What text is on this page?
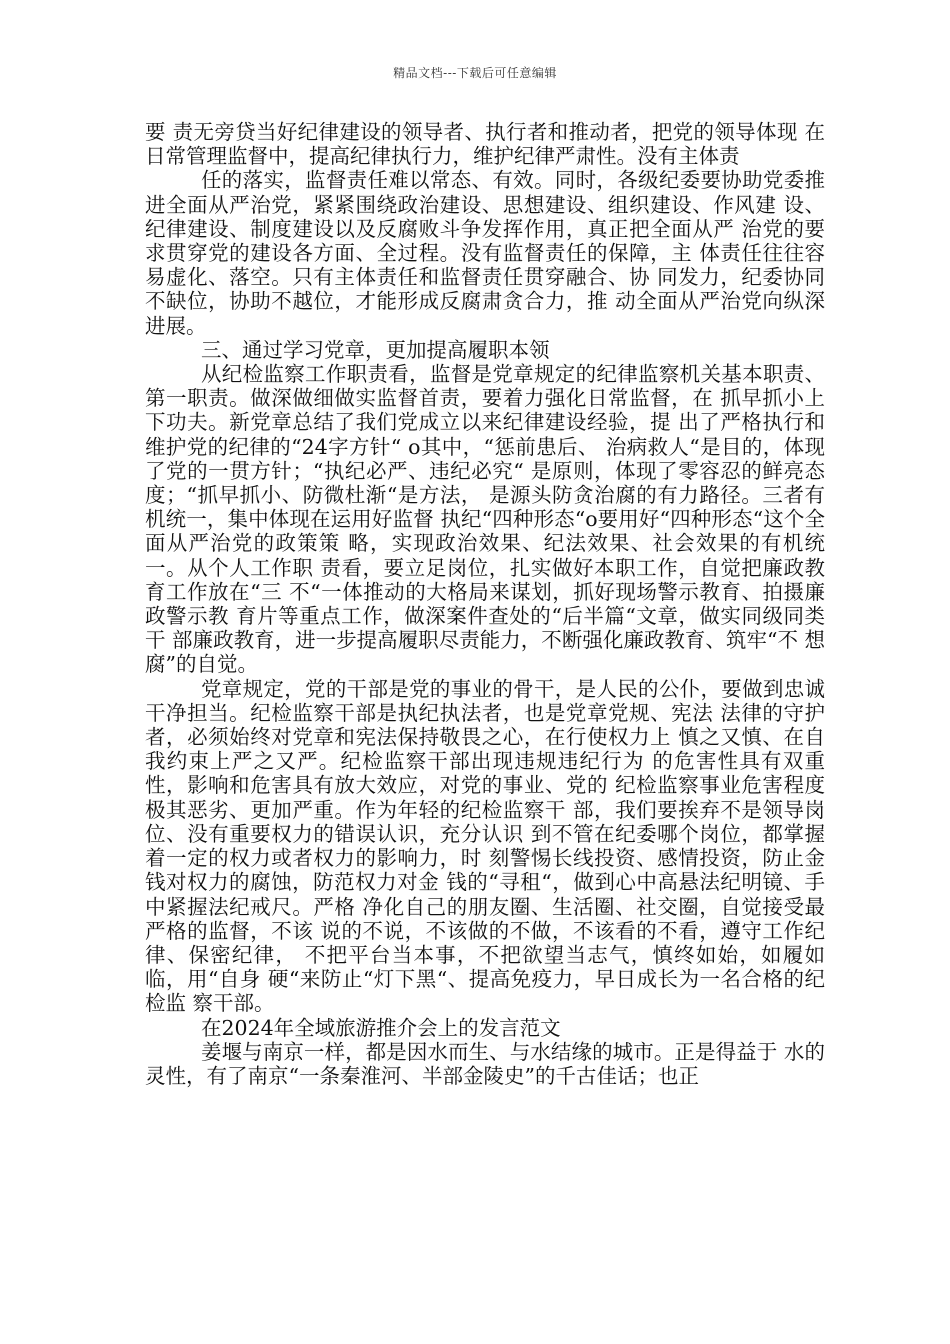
精品文档---下载后可任意编辑

要 责无旁贷当好纪律建设的领导者、执行者和推动者，把党的领导体现 在日常管理监督中，提高纪律执行力，维护纪律严肃性。没有主体责

任的落实，监督责任难以常态、有效。同时，各级纪委要协助党委推 进全面从严治党，紧紧围绕政治建设、思想建设、组织建设、作风建 设、纪律建设、制度建设以及反腐败斗争发挥作用，真正把全面从严 治党的要求贯穿党的建设各方面、全过程。没有监督责任的保障，主 体责任往往容易虚化、落空。只有主体责任和监督责任贯穿融合、协 同发力，纪委协同不缺位，协助不越位，才能形成反腐肃贪合力，推 动全面从严治党向纵深进展。

三、通过学习党章，更加提高履职本领

从纪检监察工作职责看，监督是党章规定的纪律监察机关基本职责、第一职责。做深做细做实监督首责，要着力强化日常监督，在 抓早抓小上下功夫。新党章总结了我们党成立以来纪律建设经验，提 出了严格执行和维护党的纪律的“24字方针“ o其中，“惩前患后、 治病救人“是目的，体现了党的一贯方针；“执纪必严、违纪必究“ 是原则，体现了零容忍的鲜亮态度；“抓早抓小、防微杜渐“是方法， 是源头防贪治腐的有力路径。三者有机统一，集中体现在运用好监督 执纪“四种形态“o要用好“四种形态“这个全面从严治党的政策策 略，实现政治效果、纪法效果、社会效果的有机统一。从个人工作职 责看，要立足岗位，扎实做好本职工作，自觉把廉政教育工作放在“三 不“一体推动的大格局来谋划，抓好现场警示教育、拍摄廉政警示教 育片等重点工作，做深案件查处的“后半篇“文章，做实同级同类干 部廉政教育，进一步提高履职尽责能力，不断强化廉政教育、筑牢“不 想腐”的自觉。

党章规定，党的干部是党的事业的骨干，是人民的公仆，要做到忠诚干净担当。纪检监察干部是执纪执法者，也是党章党规、宪法 法律的守护者，必须始终对党章和宪法保持敬畏之心，在行使权力上 慎之又慎、在自我约束上严之又严。纪检监察干部出现违规违纪行为 的危害性具有双重性，影响和危害具有放大效应，对党的事业、党的 纪检监察事业危害程度极其恶劣、更加严重。作为年轻的纪检监察干 部，我们要挨弃不是领导岗位、没有重要权力的错误认识，充分认识 到不管在纪委哪个岗位，都掌握着一定的权力或者权力的影响力，时 刻警惕长线投资、感情投资，防止金钱对权力的腐蚀，防范权力对金 钱的“寻租“，做到心中高悬法纪明镜、手中紧握法纪戒尺。严格 净化自己的朋友圈、生活圈、社交圈，自觉接受最严格的监督，不该 说的不说，不该做的不做，不该看的不看，遵守工作纪律、保密纪律， 不把平台当本事，不把欲望当志气，慎终如始，如履如临，用“自身 硬“来防止“灯下黑“、提高免疫力，早日成长为一名合格的纪检监 察干部。

在2024年全域旅游推介会上的发言范文

姜堰与南京一样，都是因水而生、与水结缘的城市。正是得益于 水的灵性，有了南京“一条秦淮河、半部金陵史”的千古佳话；也正
